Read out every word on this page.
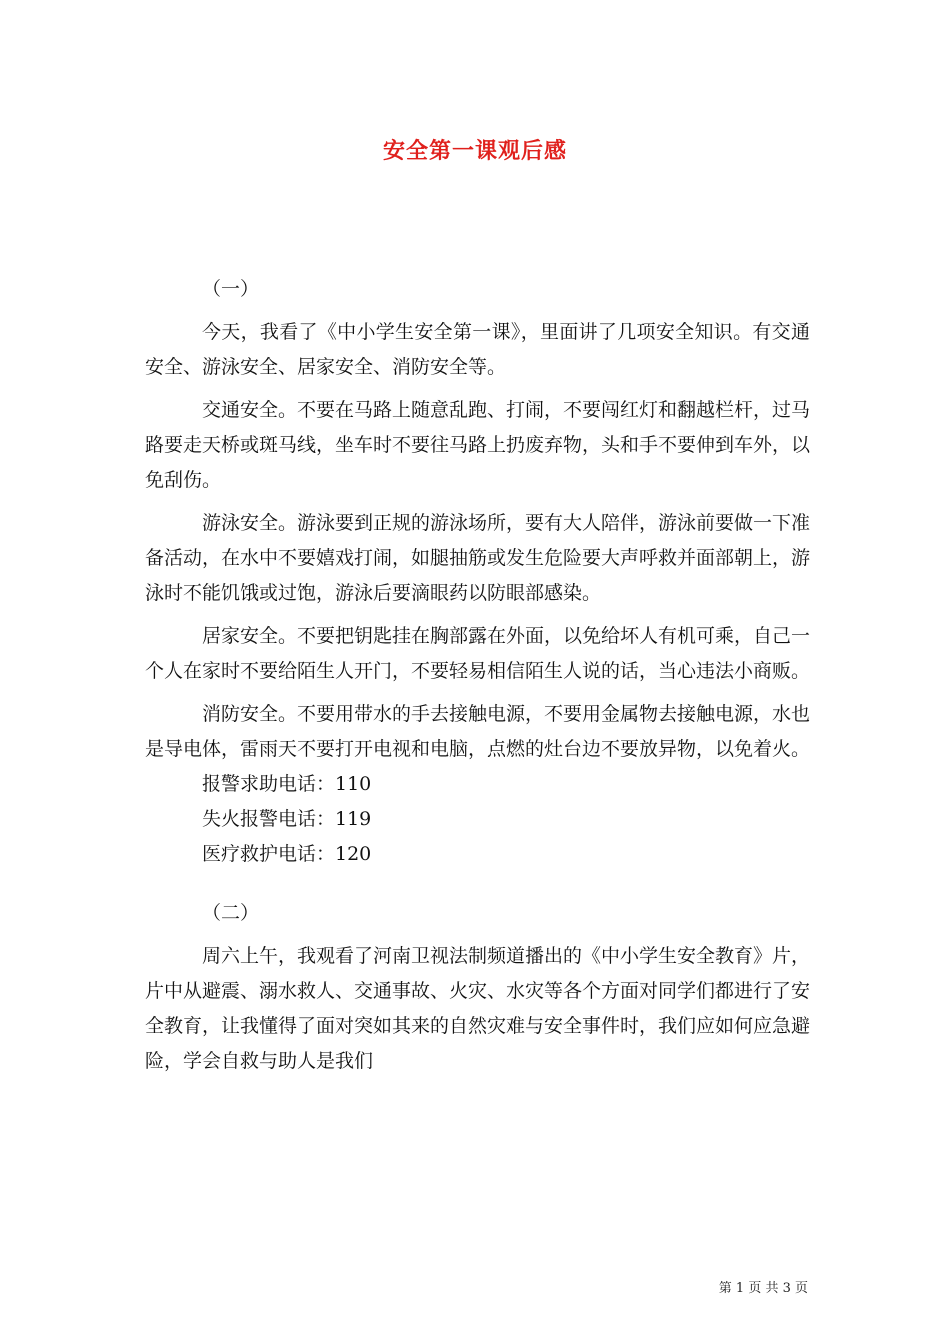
安全第一课观后感

（一）

今天，我看了《中小学生安全第一课》，里面讲了几项安全知识。有交通安全、游泳安全、居家安全、消防安全等。

交通安全。不要在马路上随意乱跑、打闹，不要闯红灯和翻越栏杆，过马路要走天桥或斑马线，坐车时不要往马路上扔废弃物，头和手不要伸到车外，以免刮伤。

游泳安全。游泳要到正规的游泳场所，要有大人陪伴，游泳前要做一下准备活动，在水中不要嬉戏打闹，如腿抽筋或发生危险要大声呼救并面部朝上，游泳时不能饥饿或过饱，游泳后要滴眼药以防眼部感染。

居家安全。不要把钥匙挂在胸部露在外面，以免给坏人有机可乘，自己一个人在家时不要给陌生人开门，不要轻易相信陌生人说的话，当心违法小商贩。

消防安全。不要用带水的手去接触电源，不要用金属物去接触电源，水也是导电体，雷雨天不要打开电视和电脑，点燃的灶台边不要放异物，以免着火。

报警求助电话：110

失火报警电话：119

医疗救护电话：120

（二）

周六上午，我观看了河南卫视法制频道播出的《中小学生安全教育》片，片中从避震、溺水救人、交通事故、火灾、水灾等各个方面对同学们都进行了安全教育，让我懂得了面对突如其来的自然灾难与安全事件时，我们应如何应急避险，学会自救与助人是我们

第 1 页 共 3 页
